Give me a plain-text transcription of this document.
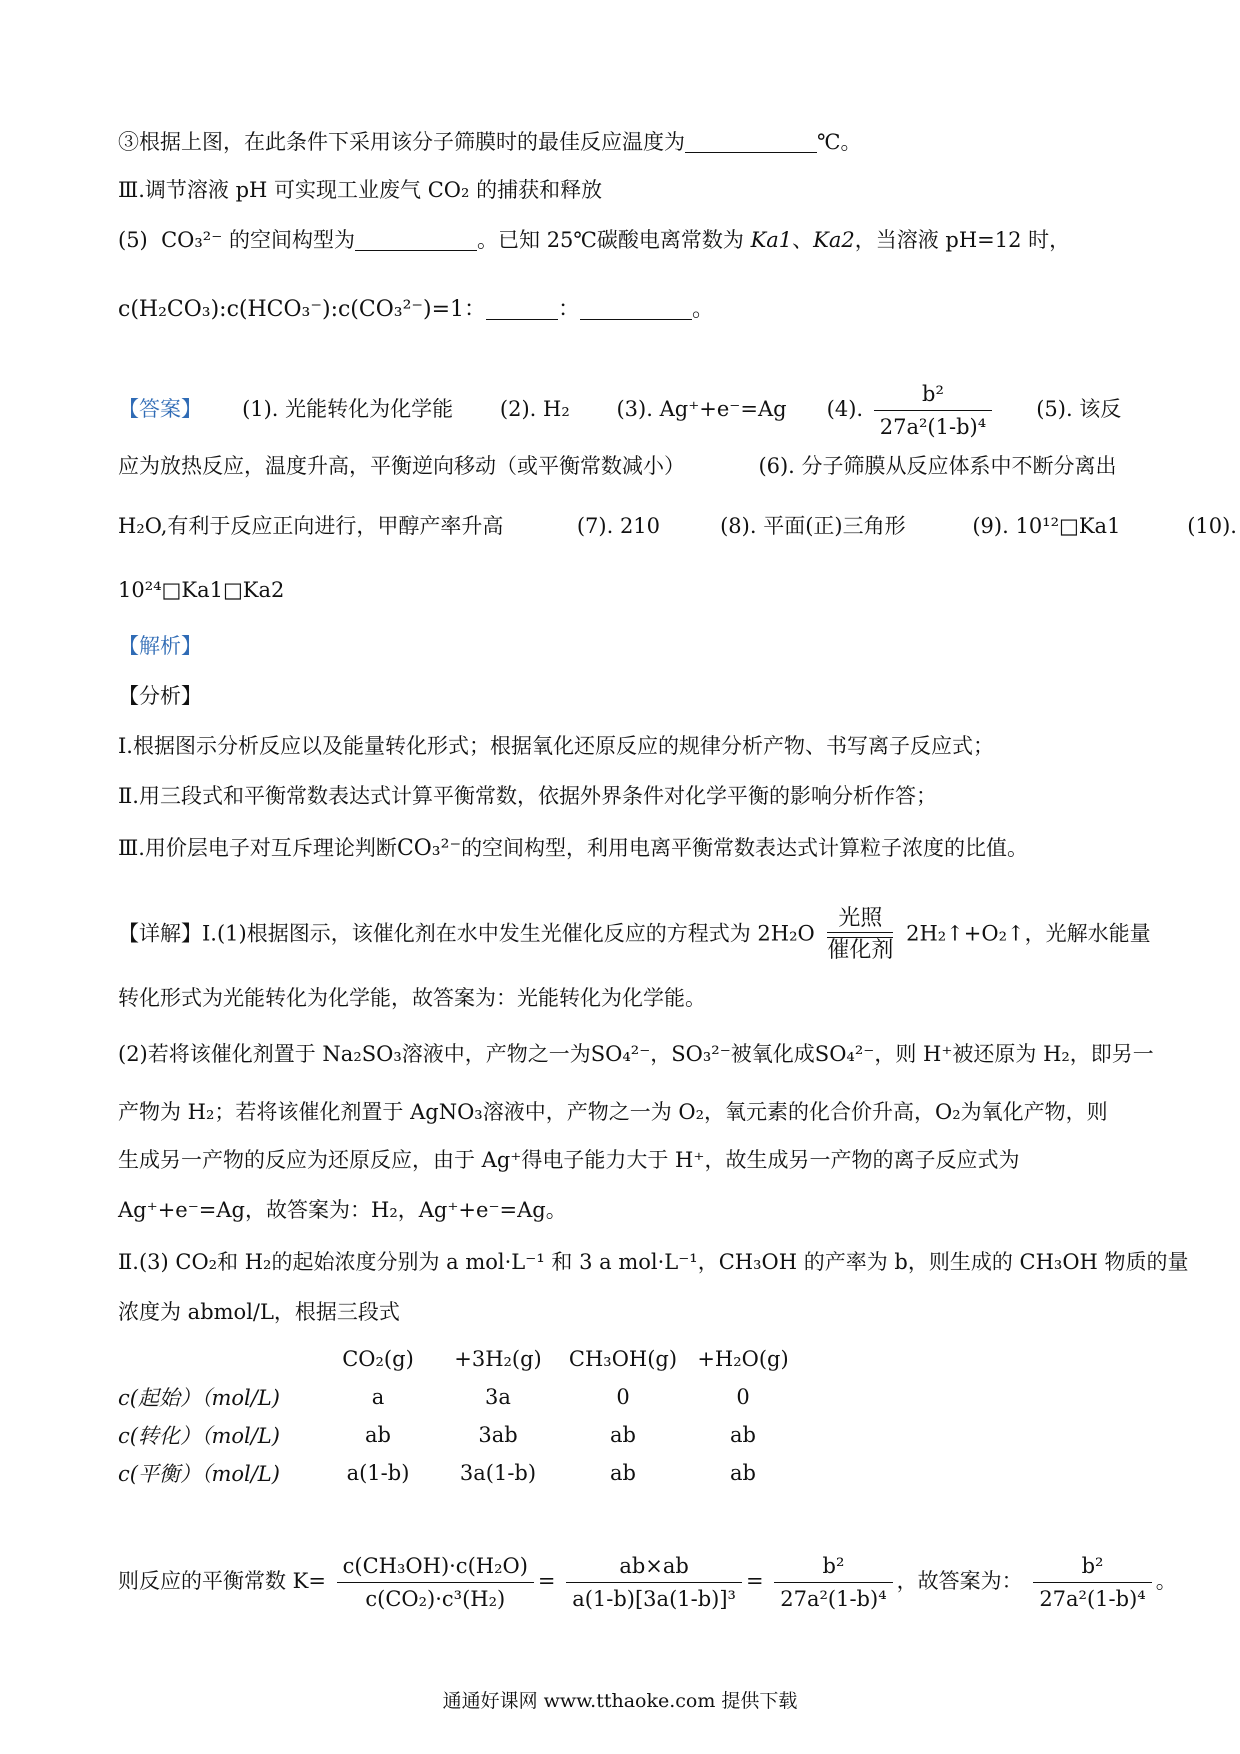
③根据上图，在此条件下采用该分子筛膜时的最佳反应温度为	℃。
Ⅲ.调节溶液 pH 可实现工业废气 CO₂ 的捕获和释放
(5) CO₃²⁻ 的空间构型为	。已知 25℃碳酸电离常数为 Ka1、Ka2，当溶液 pH=12 时，
c(H₂CO₃):c(HCO₃⁻):c(CO₃²⁻)=1：	：	。
【答案】 (1). 光能转化为化学能 (2). H₂ (3). Ag⁺+e⁻=Ag (4). $\frac{\text{b²}}{\text{27a²(1-b)⁴}} (5)$. 该反
应为放热反应，温度升高，平衡逆向移动（或平衡常数减小）	(6). 分子筛膜从反应体系中不断分离出
H₂O,有利于反应正向进行，甲醇产率升高	(7). 210	(8). 平面(正)三角形	(9). 10¹²□Ka1	(10).
10²⁴□Ka1□Ka2
【解析】
【分析】
Ⅰ.根据图示分析反应以及能量转化形式；根据氧化还原反应的规律分析产物、书写离子反应式；
Ⅱ.用三段式和平衡常数表达式计算平衡常数，依据外界条件对化学平衡的影响分析作答；
Ⅲ.用价层电子对互斥理论判断CO₃²⁻的空间构型，利用电离平衡常数表达式计算粒子浓度的比值。
【详解】Ⅰ.(1)根据图示，该催化剂在水中发生光催化反应的方程式为 2H₂O
光照
催化剂
2H₂↑+O₂↑，光解水能量
转化形式为光能转化为化学能，故答案为：光能转化为化学能。
(2)若将该催化剂置于 Na₂SO₃溶液中，产物之一为SO₄²⁻，SO₃²⁻被氧化成SO₄²⁻，则 H⁺被还原为 H₂，即另一
产物为 H₂；若将该催化剂置于 AgNO₃溶液中，产物之一为 O₂，氧元素的化合价升高，O₂为氧化产物，则
生成另一产物的反应为还原反应，由于 Ag⁺得电子能力大于 H⁺，故生成另一产物的离子反应式为
Ag⁺+e⁻=Ag，故答案为：H₂，Ag⁺+e⁻=Ag。
Ⅱ.(3) CO₂和 H₂的起始浓度分别为 a mol·L⁻¹ 和 3 a mol·L⁻¹，CH₃OH 的产率为 b，则生成的 CH₃OH 物质的量
浓度为 abmol/L，根据三段式
	CO₂(g)	+3H₂(g)	CH₃OH(g)	+H₂O(g)
c(起始）（mol/L)	a	3a	0	0
c(转化）（mol/L)	ab	3ab	ab	ab
c(平衡）（mol/L)	a(1-b)	3a(1-b)	ab	ab
则反应的平衡常数 $K= \frac{\text{c(CH₃OH)·c(H₂O)}}{\text{c(CO₂)·c³(H₂)}} = \frac{ab\times ab}{\text{a(1-b)[3a(1-b)]³}} = \frac{\text{b²}}{\text{27a²(1-b)⁴}}$ ，故答案为： $\frac{\text{b²}}{\text{27a²(1-b)⁴}}$ 。
通通好课网 www.tthaoke.com 提供下载
